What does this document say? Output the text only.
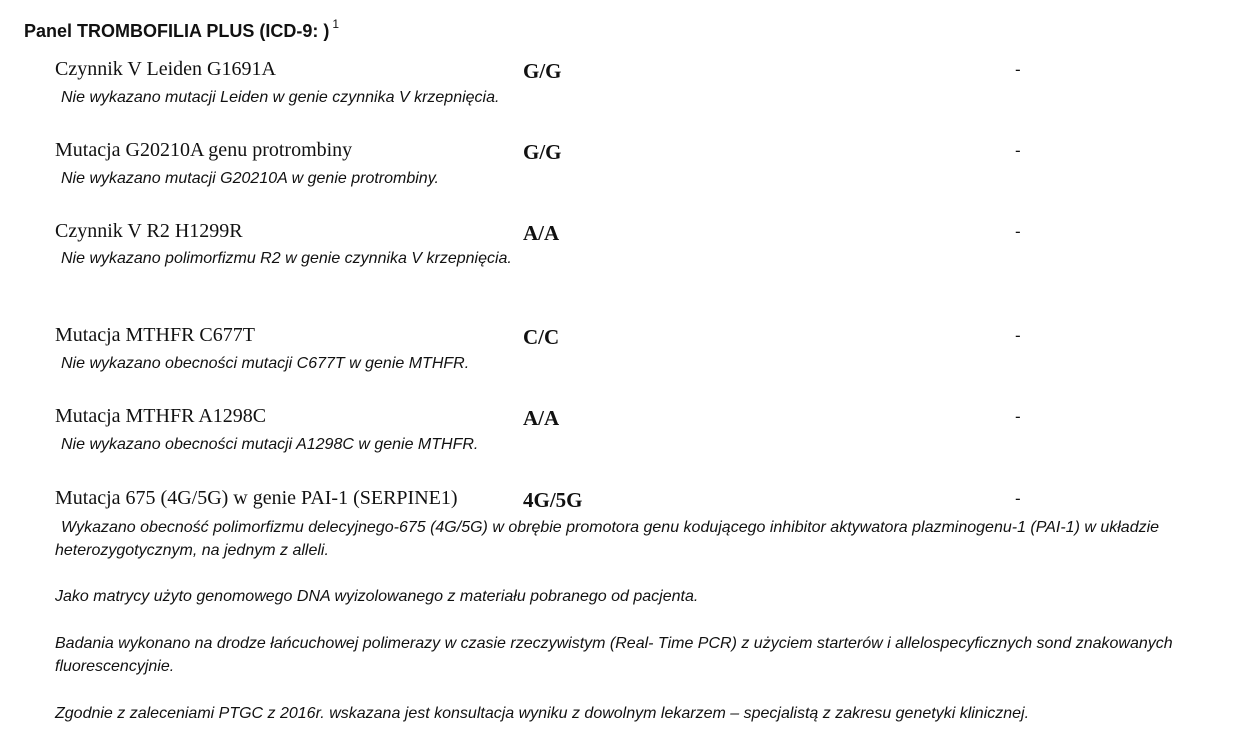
Panel TROMBOFILIA PLUS (ICD-9: ) $^1$
Czynnik V Leiden G1691A	G/G	-
Nie wykazano mutacji Leiden w genie czynnika V krzepnięcia.
Mutacja G20210A genu protrombiny	G/G	-
Nie wykazano mutacji G20210A w genie protrombiny.
Czynnik V R2 H1299R	A/A	-
Nie wykazano polimorfizmu R2 w genie czynnika V krzepnięcia.
Mutacja MTHFR C677T	C/C	-
Nie wykazano obecności mutacji C677T w genie MTHFR.
Mutacja MTHFR A1298C	A/A	-
Nie wykazano obecności mutacji A1298C w genie MTHFR.
Mutacja 675 (4G/5G) w genie PAI-1 (SERPINE1)	4G/5G	-
Wykazano obecność polimorfizmu delecyjnego-675 (4G/5G) w obrębie promotora genu kodującego inhibitor aktywatora plazminogenu-1 (PAI-1) w układzie heterozygotycznym, na jednym z alleli.
Jako matrycy użyto genomowego DNA wyizolowanego z materiału pobranego od pacjenta.
Badania wykonano na drodze łańcuchowej polimerazy w czasie rzeczywistym (Real- Time PCR) z użyciem starterów i allelospecyficznych sond znakowanych fluorescencyjnie.
Zgodnie z zaleceniami PTGC z 2016r. wskazana jest konsultacja wyniku z dowolnym lekarzem – specjalistą z zakresu genetyki klinicznej.
